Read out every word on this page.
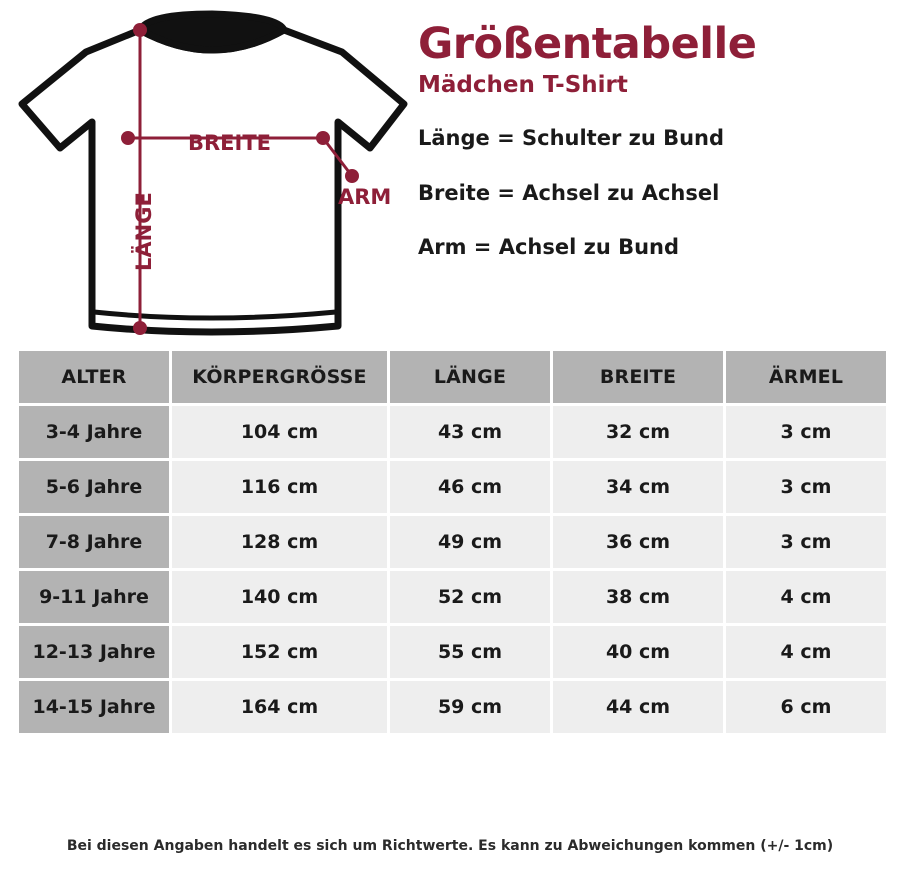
BREITE
LÄNGE	ARM
Größentabelle
Mädchen T-Shirt
Länge = Schulter zu Bund
Breite = Achsel zu Achsel
Arm = Achsel zu Bund
ALTER	KÖRPERGRÖSSE	LÄNGE	BREITE	ÄRMEL
3-4 Jahre	104 cm	43 cm	32 cm	3 cm
5-6 Jahre	116 cm	46 cm	34 cm	3 cm
7-8 Jahre	128 cm	49 cm	36 cm	3 cm
9-11 Jahre	140 cm	52 cm	38 cm	4 cm
12-13 Jahre	152 cm	55 cm	40 cm	4 cm
14-15 Jahre	164 cm	59 cm	44 cm	6 cm
Bei diesen Angaben handelt es sich um Richtwerte. Es kann zu Abweichungen kommen (+/- 1cm)
